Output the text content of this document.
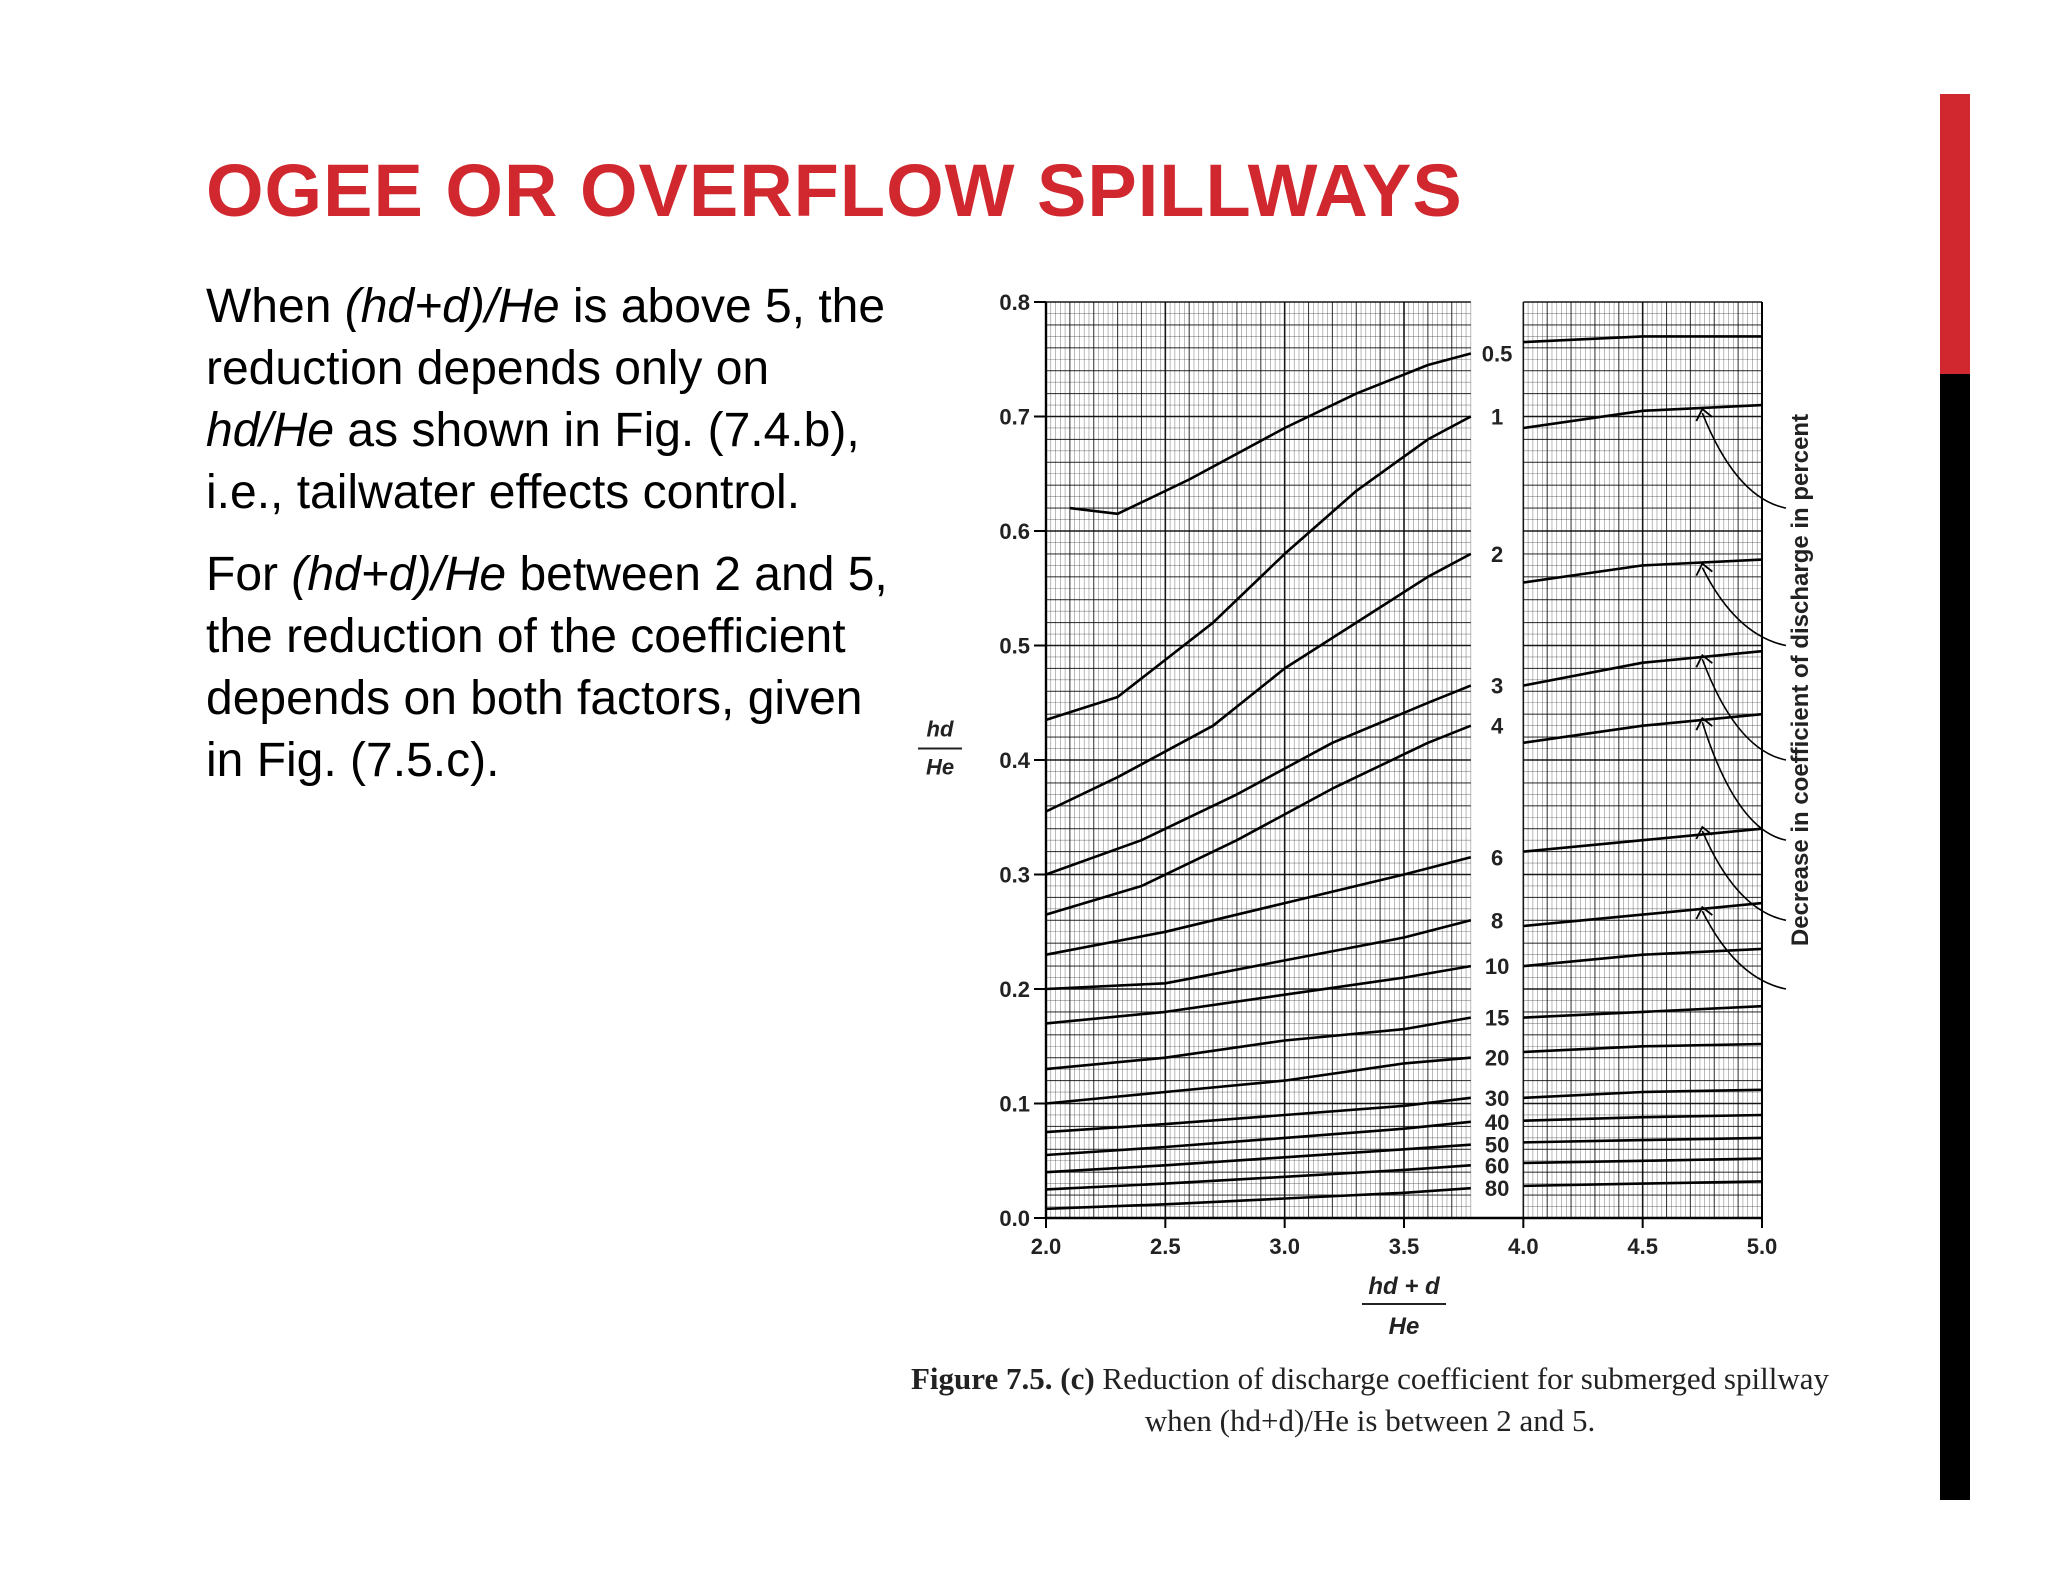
OGEE OR OVERFLOW SPILLWAYS

When (hd+d)/He is above 5, the reduction depends only on hd/He as shown in Fig. (7.4.b), i.e., tailwater effects control.

For (hd+d)/He between 2 and 5, the reduction of the coefficient depends on both factors, given in Fig. (7.5.c).

0.0
0.1
0.2
0.3
0.4
0.5
0.6
0.7
0.8
2.0	2.5	3.0	3.5	4.0	4.5	5.0
hd
He
hd + d
He
Decrease in coefficient of discharge in percent
0.5
1
2
3
4
6
8
10
15
20
30
40
50
60
80
Figure 7.5. (c) Reduction of discharge coefficient for submerged spillway when (hd+d)/He is between 2 and 5.
